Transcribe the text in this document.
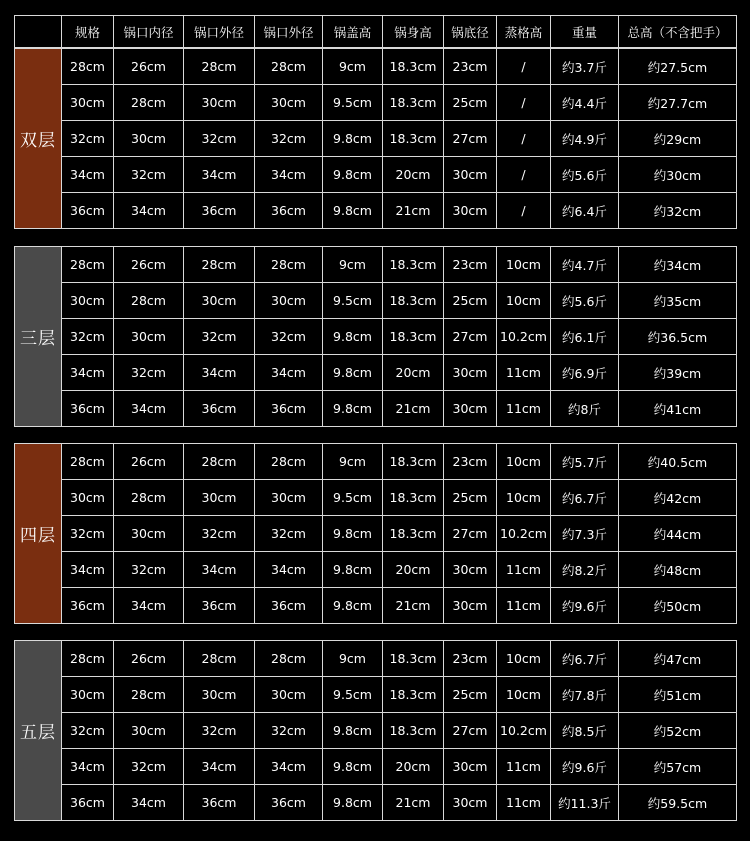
	规格	锅口内径	锅口外径	锅口外径	锅盖高	锅身高	锅底径	蒸格高	重量	总高（不含把手）
双层	28cm	26cm	28cm	28cm	9cm	18.3cm	23cm	/	约3.7斤	约27.5cm
	30cm	28cm	30cm	30cm	9.5cm	18.3cm	25cm	/	约4.4斤	约27.7cm
	32cm	30cm	32cm	32cm	9.8cm	18.3cm	27cm	/	约4.9斤	约29cm
	34cm	32cm	34cm	34cm	9.8cm	20cm	30cm	/	约5.6斤	约30cm
	36cm	34cm	36cm	36cm	9.8cm	21cm	30cm	/	约6.4斤	约32cm
三层	28cm	26cm	28cm	28cm	9cm	18.3cm	23cm	10cm	约4.7斤	约34cm
	30cm	28cm	30cm	30cm	9.5cm	18.3cm	25cm	10cm	约5.6斤	约35cm
	32cm	30cm	32cm	32cm	9.8cm	18.3cm	27cm	10.2cm	约6.1斤	约36.5cm
	34cm	32cm	34cm	34cm	9.8cm	20cm	30cm	11cm	约6.9斤	约39cm
	36cm	34cm	36cm	36cm	9.8cm	21cm	30cm	11cm	约8斤	约41cm
四层	28cm	26cm	28cm	28cm	9cm	18.3cm	23cm	10cm	约5.7斤	约40.5cm
	30cm	28cm	30cm	30cm	9.5cm	18.3cm	25cm	10cm	约6.7斤	约42cm
	32cm	30cm	32cm	32cm	9.8cm	18.3cm	27cm	10.2cm	约7.3斤	约44cm
	34cm	32cm	34cm	34cm	9.8cm	20cm	30cm	11cm	约8.2斤	约48cm
	36cm	34cm	36cm	36cm	9.8cm	21cm	30cm	11cm	约9.6斤	约50cm
五层	28cm	26cm	28cm	28cm	9cm	18.3cm	23cm	10cm	约6.7斤	约47cm
	30cm	28cm	30cm	30cm	9.5cm	18.3cm	25cm	10cm	约7.8斤	约51cm
	32cm	30cm	32cm	32cm	9.8cm	18.3cm	27cm	10.2cm	约8.5斤	约52cm
	34cm	32cm	34cm	34cm	9.8cm	20cm	30cm	11cm	约9.6斤	约57cm
	36cm	34cm	36cm	36cm	9.8cm	21cm	30cm	11cm	约11.3斤	约59.5cm
